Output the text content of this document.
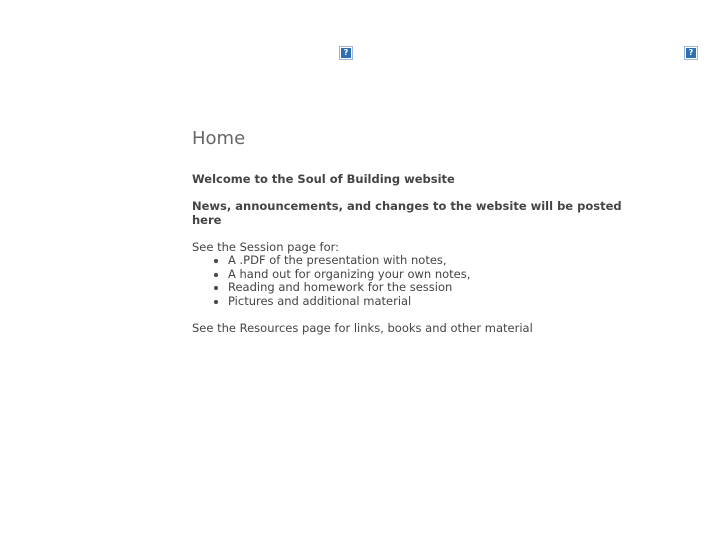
?	?
Home

Welcome to the Soul of Building website

News, announcements, and changes to the website will be posted here

See the Session page for:

• A .PDF of the presentation with notes,
• A hand out for organizing your own notes,
• Reading and homework for the session
• Pictures and additional material

See the Resources page for links, books and other material
